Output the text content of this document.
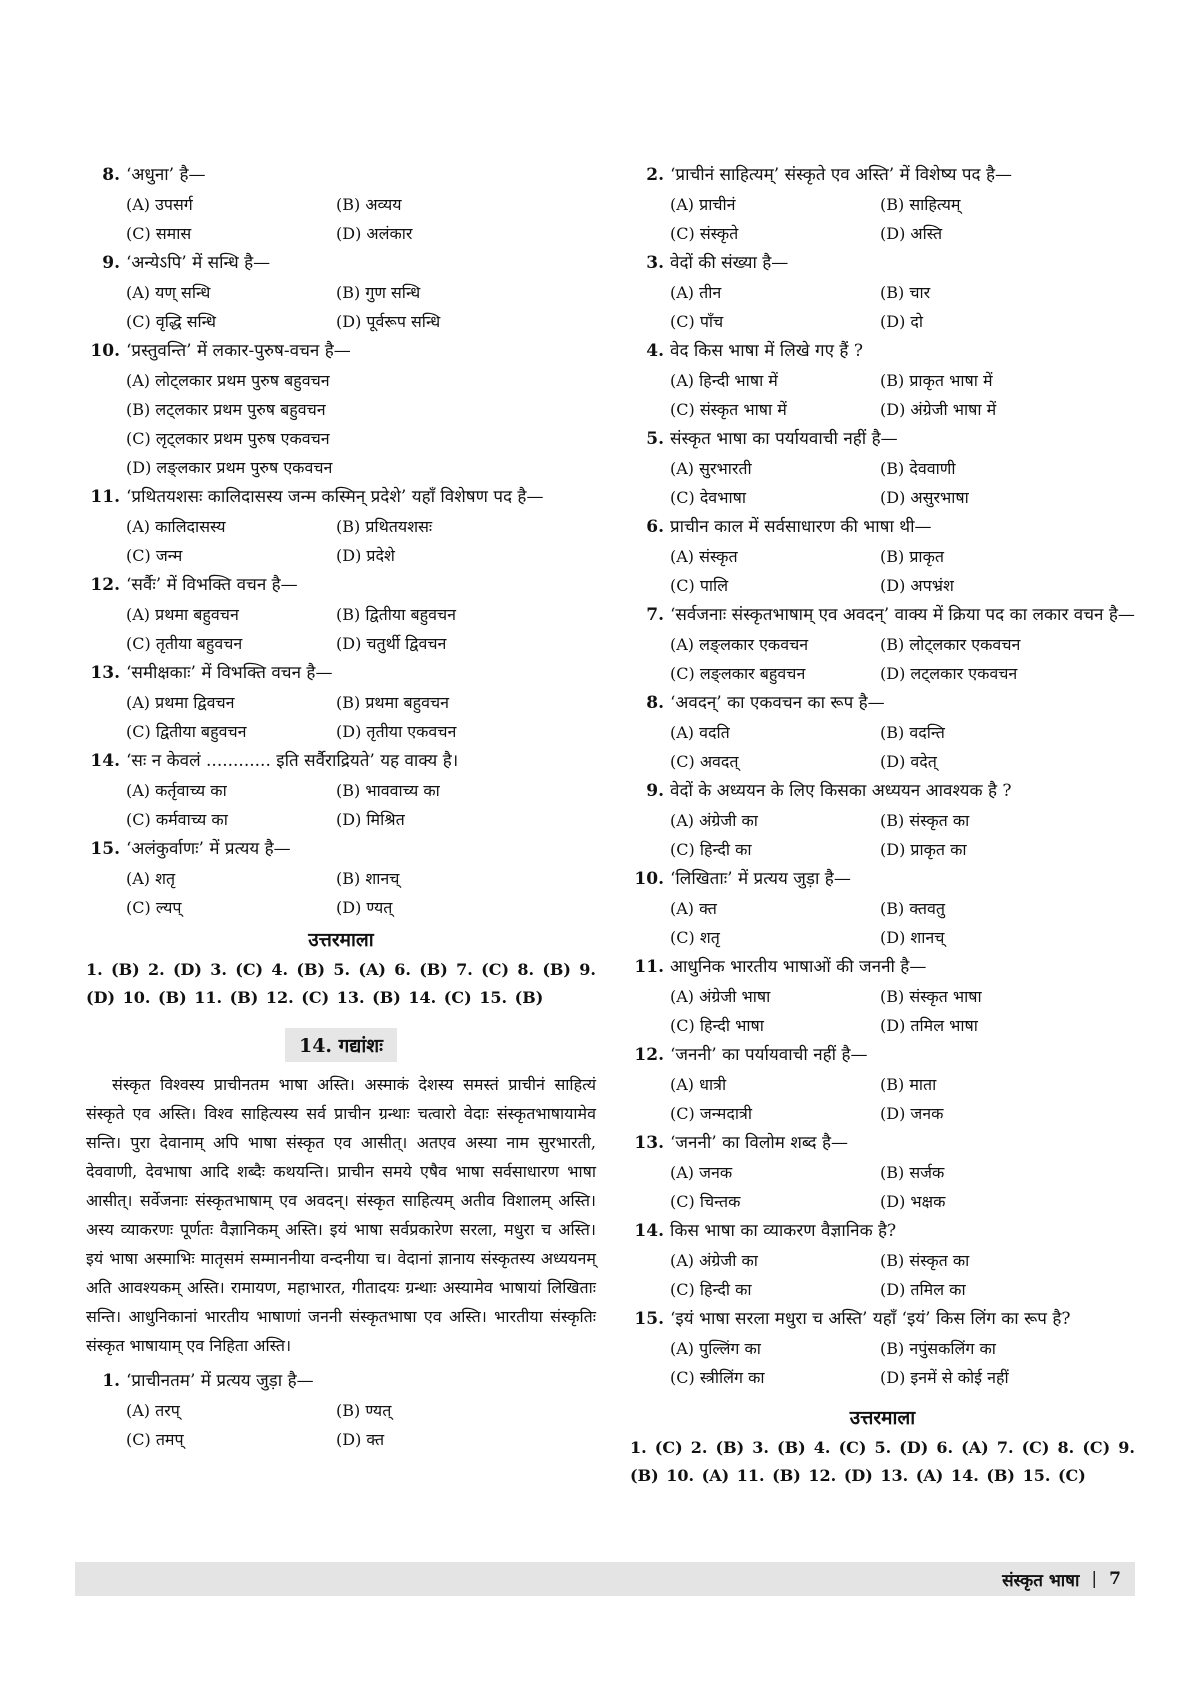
8. ‘अधुना’ है—
(A) उपसर्ग	(B) अव्यय
(C) समास	(D) अलंकार
9. ‘अन्येऽपि’ में सन्धि है—
(A) यण् सन्धि	(B) गुण सन्धि
(C) वृद्धि सन्धि	(D) पूर्वरूप सन्धि
10. ‘प्रस्तुवन्ति’ में लकार-पुरुष-वचन है—
(A) लोट्लकार प्रथम पुरुष बहुवचन
(B) लट्लकार प्रथम पुरुष बहुवचन
(C) लृट्लकार प्रथम पुरुष एकवचन
(D) लङ्लकार प्रथम पुरुष एकवचन
11. ‘प्रथितयशसः कालिदासस्य जन्म कस्मिन् प्रदेशे’ यहाँ विशेषण पद है—
(A) कालिदासस्य	(B) प्रथितयशसः
(C) जन्म	(D) प्रदेशे
12. ‘सर्वैः’ में विभक्ति वचन है—
(A) प्रथमा बहुवचन	(B) द्वितीया बहुवचन
(C) तृतीया बहुवचन	(D) चतुर्थी द्विवचन
13. ‘समीक्षकाः’ में विभक्ति वचन है—
(A) प्रथमा द्विवचन	(B) प्रथमा बहुवचन
(C) द्वितीया बहुवचन	(D) तृतीया एकवचन
14. ‘सः न केवलं ............ इति सर्वैराद्रियते’ यह वाक्य है।
(A) कर्तृवाच्य का	(B) भाववाच्य का
(C) कर्मवाच्य का	(D) मिश्रित
15. ‘अलंकुर्वाणः’ में प्रत्यय है—
(A) शतृ	(B) शानच्
(C) ल्यप्	(D) ण्यत्
उत्तरमाला
1. (B) 2. (D) 3. (C) 4. (B) 5. (A) 6. (B) 7. (C) 8. (B) 9. (D) 10. (B) 11. (B) 12. (C) 13. (B) 14. (C) 15. (B)
14. गद्यांशः
संस्कृत विश्वस्य प्राचीनतम भाषा अस्ति। अस्माकं देशस्य समस्तं प्राचीनं साहित्यं संस्कृते एव अस्ति। विश्व साहित्यस्य सर्व प्राचीन ग्रन्थाः चत्वारो वेदाः संस्कृतभाषायामेव सन्ति। पुरा देवानाम् अपि भाषा संस्कृत एव आसीत्। अतएव अस्या नाम सुरभारती, देववाणी, देवभाषा आदि शब्दैः कथयन्ति। प्राचीन समये एषैव भाषा सर्वसाधारण भाषा आसीत्। सर्वेजनाः संस्कृतभाषाम् एव अवदन्। संस्कृत साहित्यम् अतीव विशालम् अस्ति। अस्य व्याकरणः पूर्णतः वैज्ञानिकम् अस्ति। इयं भाषा सर्वप्रकारेण सरला, मधुरा च अस्ति। इयं भाषा अस्माभिः मातृसमं सम्माननीया वन्दनीया च। वेदानां ज्ञानाय संस्कृतस्य अध्ययनम् अति आवश्यकम् अस्ति। रामायण, महाभारत, गीतादयः ग्रन्थाः अस्यामेव भाषायां लिखिताः सन्ति। आधुनिकानां भारतीय भाषाणां जननी संस्कृतभाषा एव अस्ति। भारतीया संस्कृतिः संस्कृत भाषायाम् एव निहिता अस्ति।
1. ‘प्राचीनतम’ में प्रत्यय जुड़ा है—
(A) तरप्	(B) ण्यत्
(C) तमप्	(D) क्त
2. ‘प्राचीनं साहित्यम्’ संस्कृते एव अस्ति’ में विशेष्य पद है—
(A) प्राचीनं	(B) साहित्यम्
(C) संस्कृते	(D) अस्ति
3. वेदों की संख्या है—
(A) तीन	(B) चार
(C) पाँच	(D) दो
4. वेद किस भाषा में लिखे गए हैं ?
(A) हिन्दी भाषा में	(B) प्राकृत भाषा में
(C) संस्कृत भाषा में	(D) अंग्रेजी भाषा में
5. संस्कृत भाषा का पर्यायवाची नहीं है—
(A) सुरभारती	(B) देववाणी
(C) देवभाषा	(D) असुरभाषा
6. प्राचीन काल में सर्वसाधारण की भाषा थी—
(A) संस्कृत	(B) प्राकृत
(C) पालि	(D) अपभ्रंश
7. ‘सर्वजनाः संस्कृतभाषाम् एव अवदन्’ वाक्य में क्रिया पद का लकार वचन है—
(A) लङ्लकार एकवचन	(B) लोट्लकार एकवचन
(C) लङ्लकार बहुवचन	(D) लट्लकार एकवचन
8. ‘अवदन्’ का एकवचन का रूप है—
(A) वदति	(B) वदन्ति
(C) अवदत्	(D) वदेत्
9. वेदों के अध्ययन के लिए किसका अध्ययन आवश्यक है ?
(A) अंग्रेजी का	(B) संस्कृत का
(C) हिन्दी का	(D) प्राकृत का
10. ‘लिखिताः’ में प्रत्यय जुड़ा है—
(A) क्त	(B) क्तवतु
(C) शतृ	(D) शानच्
11. आधुनिक भारतीय भाषाओं की जननी है—
(A) अंग्रेजी भाषा	(B) संस्कृत भाषा
(C) हिन्दी भाषा	(D) तमिल भाषा
12. ‘जननी’ का पर्यायवाची नहीं है—
(A) धात्री	(B) माता
(C) जन्मदात्री	(D) जनक
13. ‘जननी’ का विलोम शब्द है—
(A) जनक	(B) सर्जक
(C) चिन्तक	(D) भक्षक
14. किस भाषा का व्याकरण वैज्ञानिक है?
(A) अंग्रेजी का	(B) संस्कृत का
(C) हिन्दी का	(D) तमिल का
15. ‘इयं भाषा सरला मधुरा च अस्ति’ यहाँ ‘इयं’ किस लिंग का रूप है?
(A) पुल्लिंग का	(B) नपुंसकलिंग का
(C) स्त्रीलिंग का	(D) इनमें से कोई नहीं
उत्तरमाला
1. (C) 2. (B) 3. (B) 4. (C) 5. (D) 6. (A) 7. (C) 8. (C) 9. (B) 10. (A) 11. (B) 12. (D) 13. (A) 14. (B) 15. (C)
संस्कृत भाषा | 7
